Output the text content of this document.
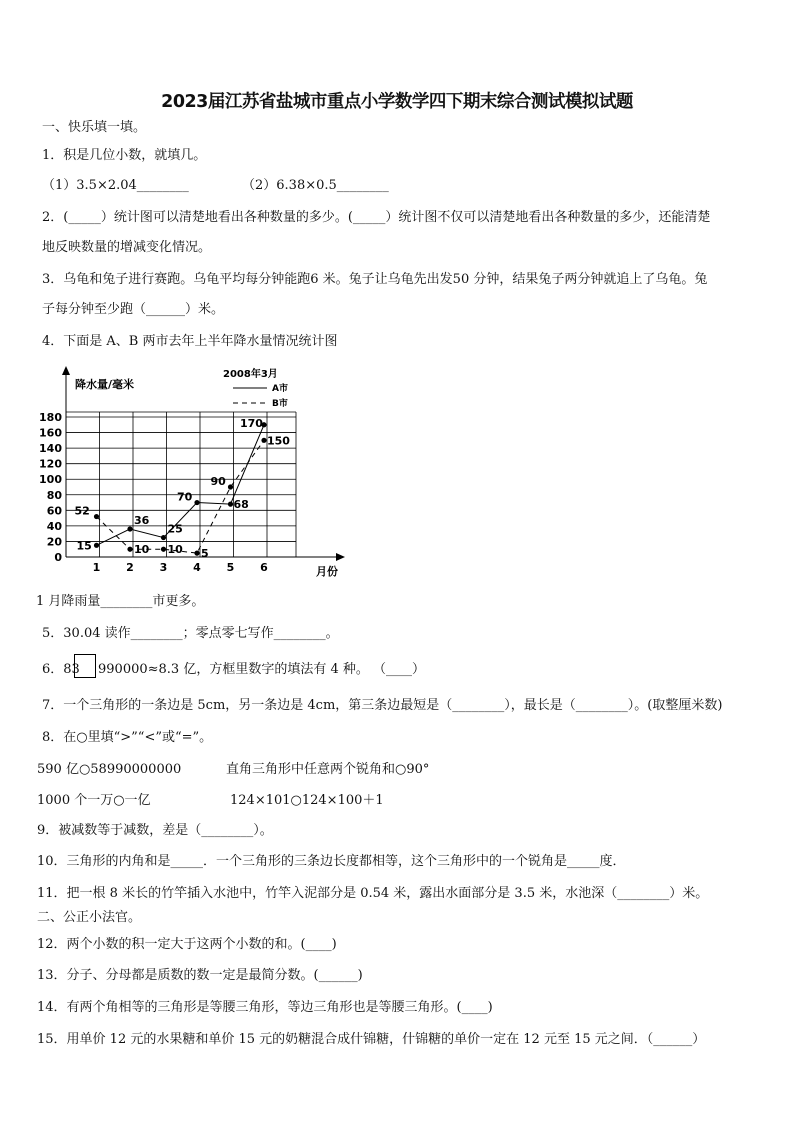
2023届江苏省盐城市重点小学数学四下期末综合测试模拟试题
一、快乐填一填。
1．积是几位小数，就填几。
（1）3.5×2.04________	（2）6.38×0.5________
2．(_____）统计图可以清楚地看出各种数量的多少。(_____）统计图不仅可以清楚地看出各种数量的多少，还能清楚
地反映数量的增减变化情况。
3．乌龟和兔子进行赛跑。乌龟平均每分钟能跑6 米。兔子让乌龟先出发50 分钟，结果兔子两分钟就追上了乌龟。兔
子每分钟至少跑（______）米。
4．下面是 A、B 两市去年上半年降水量情况统计图
0
20
40
60
80
100
120
140
160
180
1 2 3 4 5 6
15
36
25
70
68
170
52
10 10 5
90
150
降水量/毫米
月份
2008年3月
A市
B市
1 月降雨量________市更多。
5．30.04 读作________；零点零七写作________。
6．83 990000≈8.3 亿，方框里数字的填法有 4 种。 （____）
7．一个三角形的一条边是 5cm，另一条边是 4cm，第三条边最短是（________），最长是（________）。(取整厘米数)
8．在○里填“>”“<”或“=”。
590 亿○58990000000	直角三角形中任意两个锐角和○90°
1000 个一万○一亿	124×101○124×100＋1
9．被减数等于减数，差是（________）。
10．三角形的内角和是_____．一个三角形的三条边长度都相等，这个三角形中的一个锐角是_____度．
11．把一根 8 米长的竹竿插入水池中，竹竿入泥部分是 0.54 米，露出水面部分是 3.5 米，水池深（________）米。
二、公正小法官。
12．两个小数的积一定大于这两个小数的和。(____)
13．分子、分母都是质数的数一定是最简分数。(______)
14．有两个角相等的三角形是等腰三角形，等边三角形也是等腰三角形。(____)
15．用单价 12 元的水果糖和单价 15 元的奶糖混合成什锦糖，什锦糖的单价一定在 12 元至 15 元之间．（______）
